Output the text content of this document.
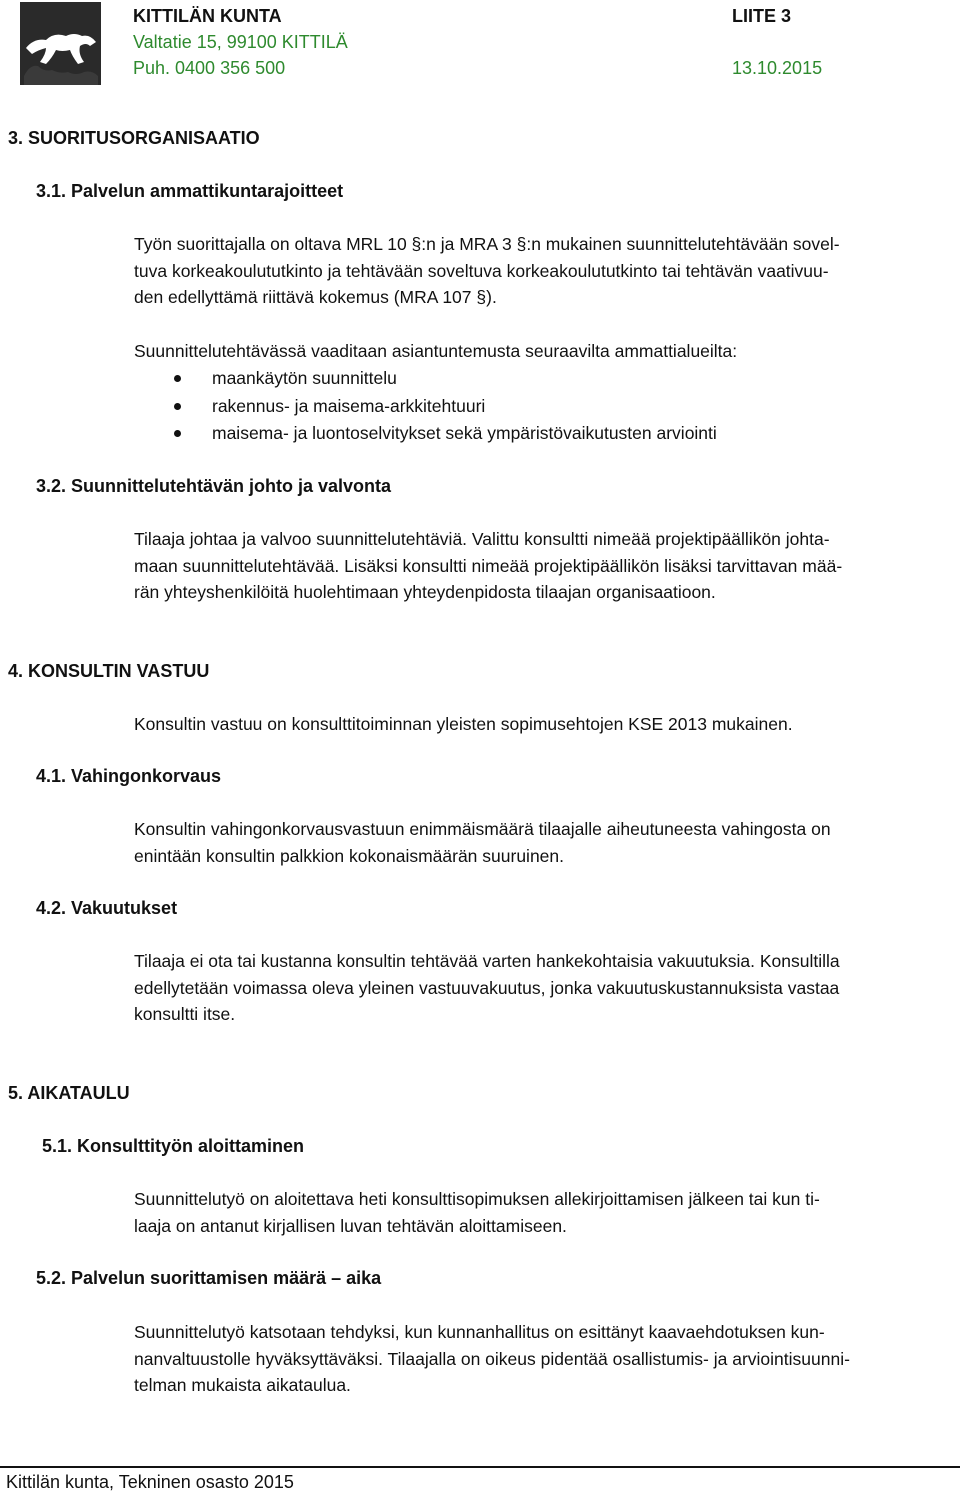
KITTILÄN KUNTA
Valtatie 15, 99100 KITTILÄ
Puh. 0400 356 500
LIITE 3
13.10.2015
3. SUORITUSORGANISAATIO
3.1. Palvelun ammattikuntarajoitteet

Työn suorittajalla on oltava MRL 10 §:n ja MRA 3 §:n mukainen suunnittelutehtävään sovel-
tuva korkeakoulututkinto ja tehtävään soveltuva korkeakoulututkinto tai tehtävän vaativuu-
den edellyttämä riittävä kokemus (MRA 107 §).

Suunnittelutehtävässä vaaditaan asiantuntemusta seuraavilta ammattialueilta:

maankäytön suunnittelu
rakennus- ja maisema-arkkitehtuuri
maisema- ja luontoselvitykset sekä ympäristövaikutusten arviointi
3.2. Suunnittelutehtävän johto ja valvonta

Tilaaja johtaa ja valvoo suunnittelutehtäviä. Valittu konsultti nimeää projektipäällikön johta-
maan suunnittelutehtävää. Lisäksi konsultti nimeää projektipäällikön lisäksi tarvittavan mää-
rän yhteyshenkilöitä huolehtimaan yhteydenpidosta tilaajan organisaatioon.

4. KONSULTIN VASTUU

Konsultin vastuu on konsulttitoiminnan yleisten sopimusehtojen KSE 2013 mukainen.

4.1. Vahingonkorvaus

Konsultin vahingonkorvausvastuun enimmäismäärä tilaajalle aiheutuneesta vahingosta on
enintään konsultin palkkion kokonaismäärän suuruinen.

4.2. Vakuutukset

Tilaaja ei ota tai kustanna konsultin tehtävää varten hankekohtaisia vakuutuksia. Konsultilla
edellytetään voimassa oleva yleinen vastuuvakuutus, jonka vakuutuskustannuksista vastaa
konsultti itse.

5. AIKATAULU
5.1. Konsulttityön aloittaminen

Suunnittelutyö on aloitettava heti konsulttisopimuksen allekirjoittamisen jälkeen tai kun ti-
laaja on antanut kirjallisen luvan tehtävän aloittamiseen.

5.2. Palvelun suorittamisen määrä – aika

Suunnittelutyö katsotaan tehdyksi, kun kunnanhallitus on esittänyt kaavaehdotuksen kun-
nanvaltuustolle hyväksyttäväksi. Tilaajalla on oikeus pidentää osallistumis- ja arviointisuunni-
telman mukaista aikataulua.

Kittilän kunta, Tekninen osasto 2015
